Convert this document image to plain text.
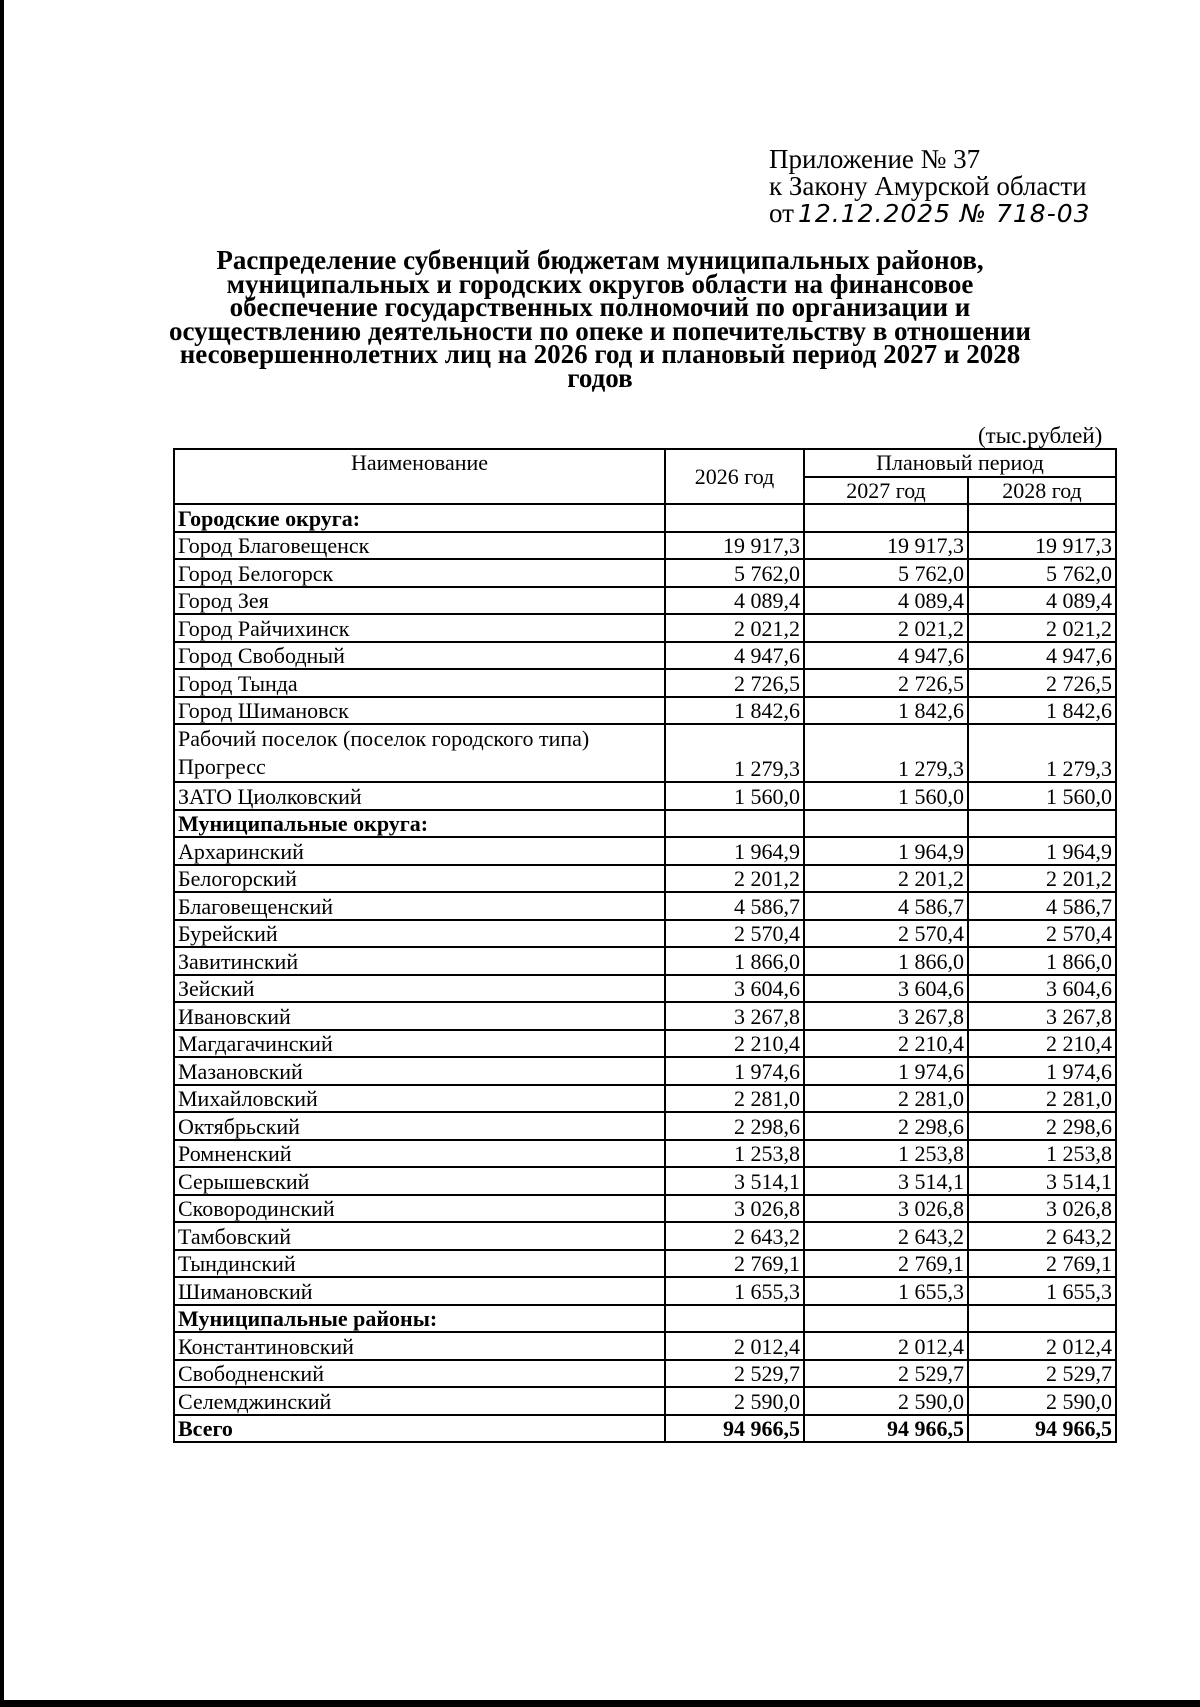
Приложение № 37
к Закону Амурской области
от 12.12.2025 № 718-03
Распределение субвенций бюджетам муниципальных районов,
муниципальных и городских округов области на финансовое
обеспечение государственных полномочий по организации и
осуществлению деятельности по опеке и попечительству в отношении
несовершеннолетних лиц на 2026 год и плановый период 2027 и 2028
годов
(тыс.рублей)
Наименование	2026 год	Плановый период	
		2027 год	2028 год
Городские округа:			
Город Благовещенск	19 917,3	19 917,3	19 917,3
Город Белогорск	5 762,0	5 762,0	5 762,0
Город Зея	4 089,4	4 089,4	4 089,4
Город Райчихинск	2 021,2	2 021,2	2 021,2
Город Свободный	4 947,6	4 947,6	4 947,6
Город Тында	2 726,5	2 726,5	2 726,5
Город Шимановск	1 842,6	1 842,6	1 842,6
Рабочий поселок (поселок городского типа) Прогресс	1 279,3	1 279,3	1 279,3
ЗАТО Циолковский	1 560,0	1 560,0	1 560,0
Муниципальные округа:			
Архаринский	1 964,9	1 964,9	1 964,9
Белогорский	2 201,2	2 201,2	2 201,2
Благовещенский	4 586,7	4 586,7	4 586,7
Бурейский	2 570,4	2 570,4	2 570,4
Завитинский	1 866,0	1 866,0	1 866,0
Зейский	3 604,6	3 604,6	3 604,6
Ивановский	3 267,8	3 267,8	3 267,8
Магдагачинский	2 210,4	2 210,4	2 210,4
Мазановский	1 974,6	1 974,6	1 974,6
Михайловский	2 281,0	2 281,0	2 281,0
Октябрьский	2 298,6	2 298,6	2 298,6
Ромненский	1 253,8	1 253,8	1 253,8
Серышевский	3 514,1	3 514,1	3 514,1
Сковородинский	3 026,8	3 026,8	3 026,8
Тамбовский	2 643,2	2 643,2	2 643,2
Тындинский	2 769,1	2 769,1	2 769,1
Шимановский	1 655,3	1 655,3	1 655,3
Муниципальные районы:			
Константиновский	2 012,4	2 012,4	2 012,4
Свободненский	2 529,7	2 529,7	2 529,7
Селемджинский	2 590,0	2 590,0	2 590,0
Всего	94 966,5	94 966,5	94 966,5
